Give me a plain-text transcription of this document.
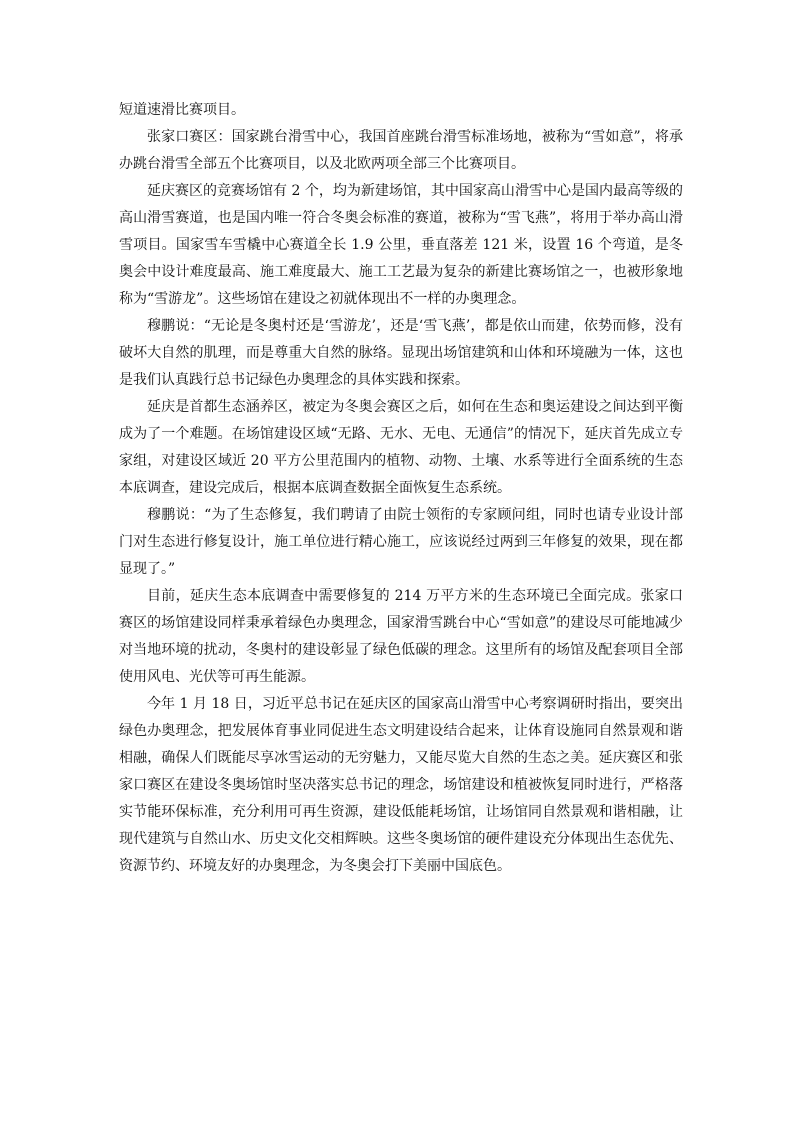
短道速滑比赛项目。

张家口赛区：国家跳台滑雪中心，我国首座跳台滑雪标准场地，被称为“雪如意”，将承办跳台滑雪全部五个比赛项目，以及北欧两项全部三个比赛项目。

延庆赛区的竞赛场馆有 2 个，均为新建场馆，其中国家高山滑雪中心是国内最高等级的高山滑雪赛道，也是国内唯一符合冬奥会标准的赛道，被称为“雪飞燕”，将用于举办高山滑雪项目。国家雪车雪橇中心赛道全长 1.9 公里，垂直落差 121 米，设置 16 个弯道，是冬奥会中设计难度最高、施工难度最大、施工工艺最为复杂的新建比赛场馆之一，也被形象地称为“雪游龙”。这些场馆在建设之初就体现出不一样的办奥理念。

穆鹏说：“无论是冬奥村还是‘雪游龙’，还是‘雪飞燕’，都是依山而建，依势而修，没有破坏大自然的肌理，而是尊重大自然的脉络。显现出场馆建筑和山体和环境融为一体，这也是我们认真践行总书记绿色办奥理念的具体实践和探索。

延庆是首都生态涵养区，被定为冬奥会赛区之后，如何在生态和奥运建设之间达到平衡成为了一个难题。在场馆建设区域“无路、无水、无电、无通信”的情况下，延庆首先成立专家组，对建设区域近 20 平方公里范围内的植物、动物、土壤、水系等进行全面系统的生态本底调查，建设完成后，根据本底调查数据全面恢复生态系统。

穆鹏说：“为了生态修复，我们聘请了由院士领衔的专家顾问组，同时也请专业设计部门对生态进行修复设计，施工单位进行精心施工，应该说经过两到三年修复的效果，现在都显现了。”

目前，延庆生态本底调查中需要修复的 214 万平方米的生态环境已全面完成。张家口赛区的场馆建设同样秉承着绿色办奥理念，国家滑雪跳台中心“雪如意”的建设尽可能地减少对当地环境的扰动，冬奥村的建设彰显了绿色低碳的理念。这里所有的场馆及配套项目全部使用风电、光伏等可再生能源。

今年 1 月 18 日，习近平总书记在延庆区的国家高山滑雪中心考察调研时指出，要突出绿色办奥理念，把发展体育事业同促进生态文明建设结合起来，让体育设施同自然景观和谐相融，确保人们既能尽享冰雪运动的无穷魅力，又能尽览大自然的生态之美。延庆赛区和张家口赛区在建设冬奥场馆时坚决落实总书记的理念，场馆建设和植被恢复同时进行，严格落实节能环保标准，充分利用可再生资源，建设低能耗场馆，让场馆同自然景观和谐相融，让现代建筑与自然山水、历史文化交相辉映。这些冬奥场馆的硬件建设充分体现出生态优先、资源节约、环境友好的办奥理念，为冬奥会打下美丽中国底色。
